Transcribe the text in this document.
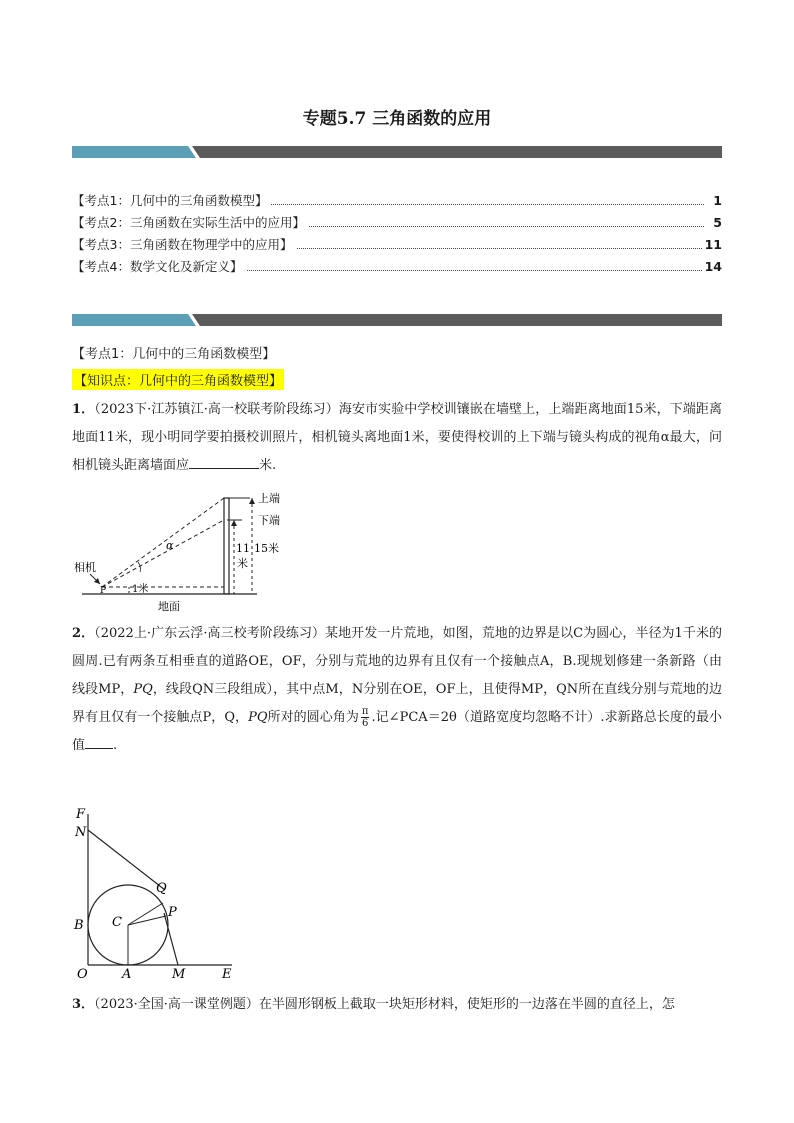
专题5.7 三角函数的应用
【考点1：几何中的三角函数模型】	1
【考点2：三角函数在实际生活中的应用】	5
【考点3：三角函数在物理学中的应用】	11
【考点4：数学文化及新定义】	14
【考点1：几何中的三角函数模型】
【知识点：几何中的三角函数模型】
1．（2023下·江苏镇江·高一校联考阶段练习）海安市实验中学校训镶嵌在墙壁上，上端距离地面15米，下端距离地面11米，现小明同学要拍摄校训照片，相机镜头离地面1米，要使得校训的上下端与镜头构成的视角α最大，问相机镜头距离墙面应	米.
上端
下端
11
米
15米
相机
P	1米
地面
α
2．（2022上·广东云浮·高三校考阶段练习）某地开发一片荒地，如图，荒地的边界是以C为圆心，半径为1千米的圆周.已有两条互相垂直的道路OE，OF，分别与荒地的边界有且仅有一个接触点A，B.现规划修建一条新路（由线段MP，PQ，线段QN三段组成），其中点M，N分别在OE，OF上，且使得MP，QN所在直线分别与荒地的边界有且仅有一个接触点P，Q，PQ所对的圆心角为 $\frac{\pi}{6}$ .记∠PCA＝2θ（道路宽度均忽略不计）.求新路总长度的最小值 .
F
N
Q
P
C
B
O	A	M	E
3．（2023·全国·高一课堂例题）在半圆形钢板上截取一块矩形材料，使矩形的一边落在半圆的直径上，怎
